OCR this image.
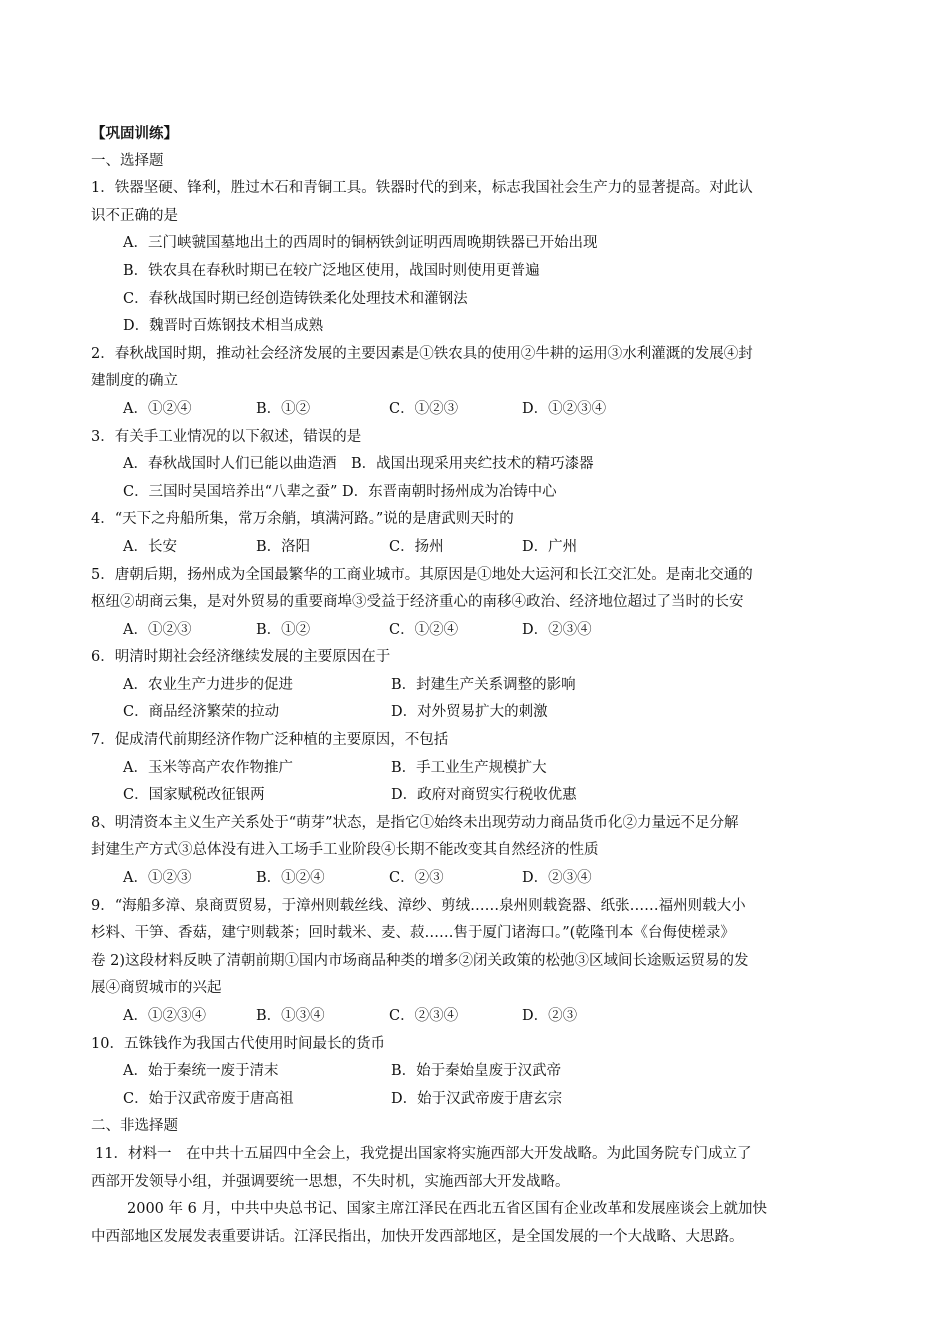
【巩固训练】
一、选择题
1．铁器坚硬、锋利，胜过木石和青铜工具。铁器时代的到来，标志我国社会生产力的显著提高。对此认
识不正确的是
A．三门峡虢国墓地出土的西周时的铜柄铁剑证明西周晚期铁器已开始出现
B．铁农具在春秋时期已在较广泛地区使用，战国时则使用更普遍
C．春秋战国时期已经创造铸铁柔化处理技术和灌钢法
D．魏晋时百炼钢技术相当成熟
2．春秋战国时期，推动社会经济发展的主要因素是①铁农具的使用②牛耕的运用③水利灌溉的发展④封
建制度的确立
A．①②④	B．①②	C．①②③	D．①②③④
3．有关手工业情况的以下叙述，错误的是
A．春秋战国时人们已能以曲造酒　B．战国出现采用夹纻技术的精巧漆器
C．三国时吴国培养出“八辈之蚕” D．东晋南朝时扬州成为冶铸中心
4．“天下之舟船所集，常万余艄，填满河路。”说的是唐武则天时的
A．长安	B．洛阳	C．扬州	D．广州
5．唐朝后期，扬州成为全国最繁华的工商业城市。其原因是①地处大运河和长江交汇处。是南北交通的
枢纽②胡商云集，是对外贸易的重要商埠③受益于经济重心的南移④政治、经济地位超过了当时的长安
A．①②③	B．①②	C．①②④	D．②③④
6．明清时期社会经济继续发展的主要原因在于
A．农业生产力进步的促进	B．封建生产关系调整的影响
C．商品经济繁荣的拉动	D．对外贸易扩大的刺激
7．促成清代前期经济作物广泛种植的主要原因，不包括
A．玉米等高产农作物推广	B．手工业生产规模扩大
C．国家赋税改征银两	D．政府对商贸实行税收优惠
8、明清资本主义生产关系处于“萌芽”状态，是指它①始终未出现劳动力商品货币化②力量远不足分解
封建生产方式③总体没有进入工场手工业阶段④长期不能改变其自然经济的性质
A．①②③	B．①②④	C．②③	D．②③④
9．“海船多漳、泉商贾贸易，于漳州则载丝线、漳纱、剪绒……泉州则载瓷器、纸张……福州则载大小
杉料、干笋、香菇，建宁则载茶；回时载米、麦、菽……售于厦门诸海口。”(乾隆刊本《台侮使槎录》
卷 2)这段材料反映了清朝前期①国内市场商品种类的增多②闭关政策的松弛③区域间长途贩运贸易的发
展④商贸城市的兴起
A．①②③④	B．①③④	C．②③④	D．②③
10．五铢钱作为我国古代使用时间最长的货币
A．始于秦统一废于清末	B．始于秦始皇废于汉武帝
C．始于汉武帝废于唐高祖	D．始于汉武帝废于唐玄宗
二、非选择题
11．材料一　在中共十五届四中全会上，我党提出国家将实施西部大开发战略。为此国务院专门成立了
西部开发领导小组，并强调要统一思想，不失时机，实施西部大开发战略。
2000 年 6 月，中共中央总书记、国家主席江泽民在西北五省区国有企业改革和发展座谈会上就加快
中西部地区发展发表重要讲话。江泽民指出，加快开发西部地区，是全国发展的一个大战略、大思路。
